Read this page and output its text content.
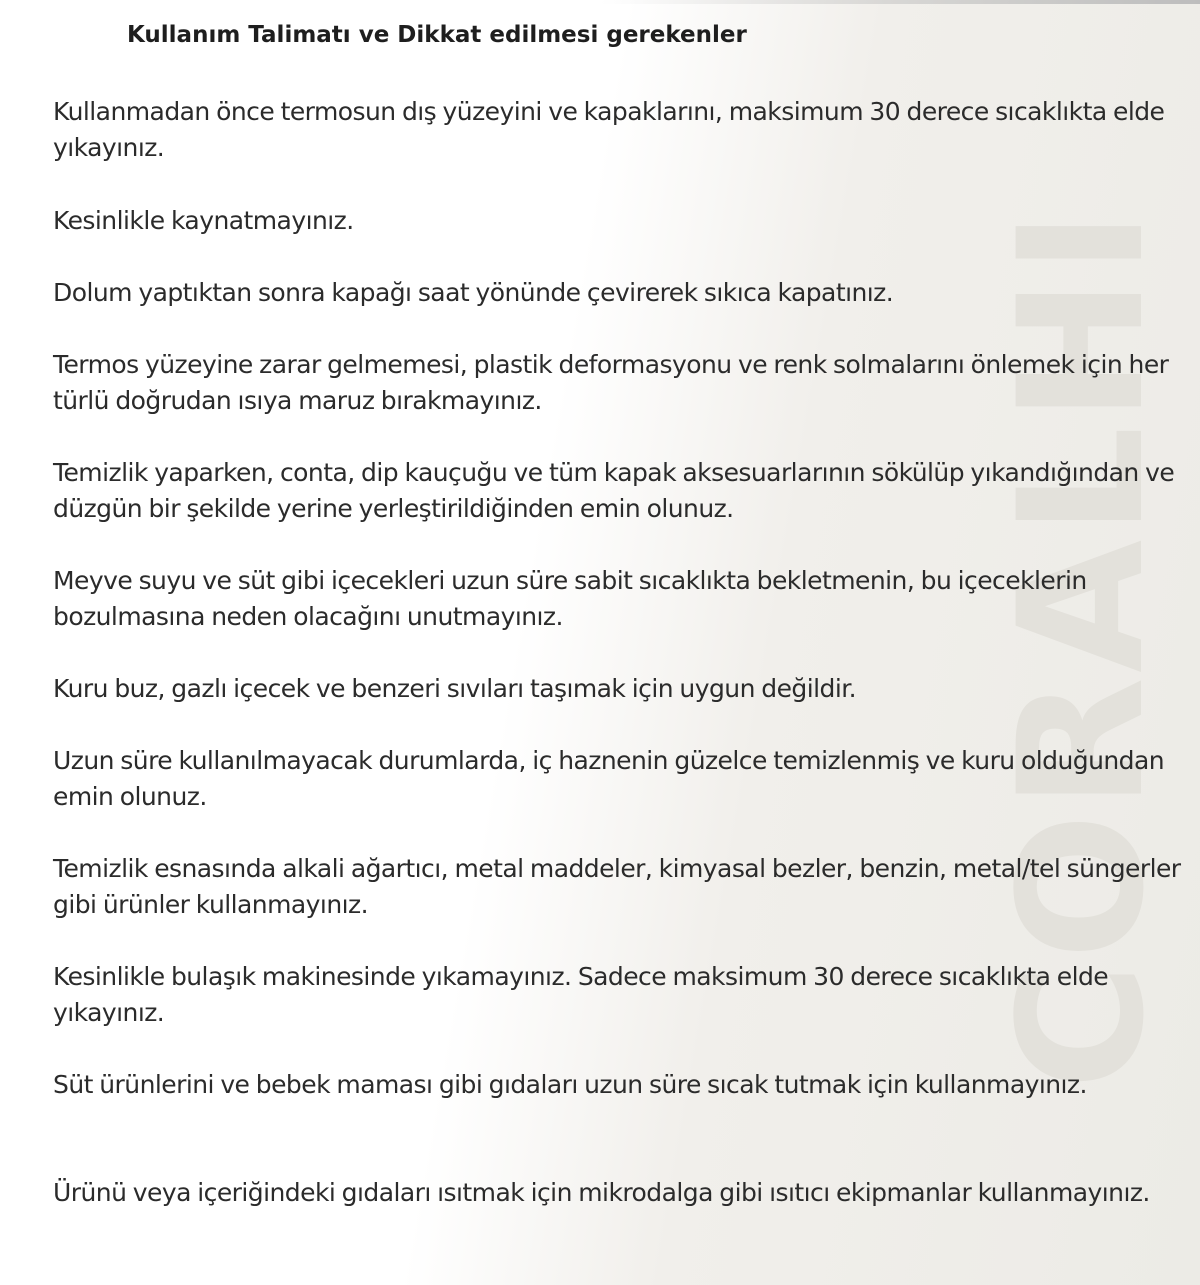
CORALHI
Kullanım Talimatı ve Dikkat edilmesi gerekenler

Kullanmadan önce termosun dış yüzeyini ve kapaklarını, maksimum 30 derece sıcaklıkta elde yıkayınız.

Kesinlikle kaynatmayınız.

Dolum yaptıktan sonra kapağı saat yönünde çevirerek sıkıca kapatınız.

Termos yüzeyine zarar gelmemesi, plastik deformasyonu ve renk solmalarını önlemek için her türlü doğrudan ısıya maruz bırakmayınız.

Temizlik yaparken, conta, dip kauçuğu ve tüm kapak aksesuarlarının sökülüp yıkandığından ve düzgün bir şekilde yerine yerleştirildiğinden emin olunuz.

Meyve suyu ve süt gibi içecekleri uzun süre sabit sıcaklıkta bekletmenin, bu içeceklerin bozulmasına neden olacağını unutmayınız.

Kuru buz, gazlı içecek ve benzeri sıvıları taşımak için uygun değildir.

Uzun süre kullanılmayacak durumlarda, iç haznenin güzelce temizlenmiş ve kuru olduğundan emin olunuz.

Temizlik esnasında alkali ağartıcı, metal maddeler, kimyasal bezler, benzin, metal/tel süngerler gibi ürünler kullanmayınız.

Kesinlikle bulaşık makinesinde yıkamayınız. Sadece maksimum 30 derece sıcaklıkta elde yıkayınız.

Süt ürünlerini ve bebek maması gibi gıdaları uzun süre sıcak tutmak için kullanmayınız.

Ürünü veya içeriğindeki gıdaları ısıtmak için mikrodalga gibi ısıtıcı ekipmanlar kullanmayınız.
